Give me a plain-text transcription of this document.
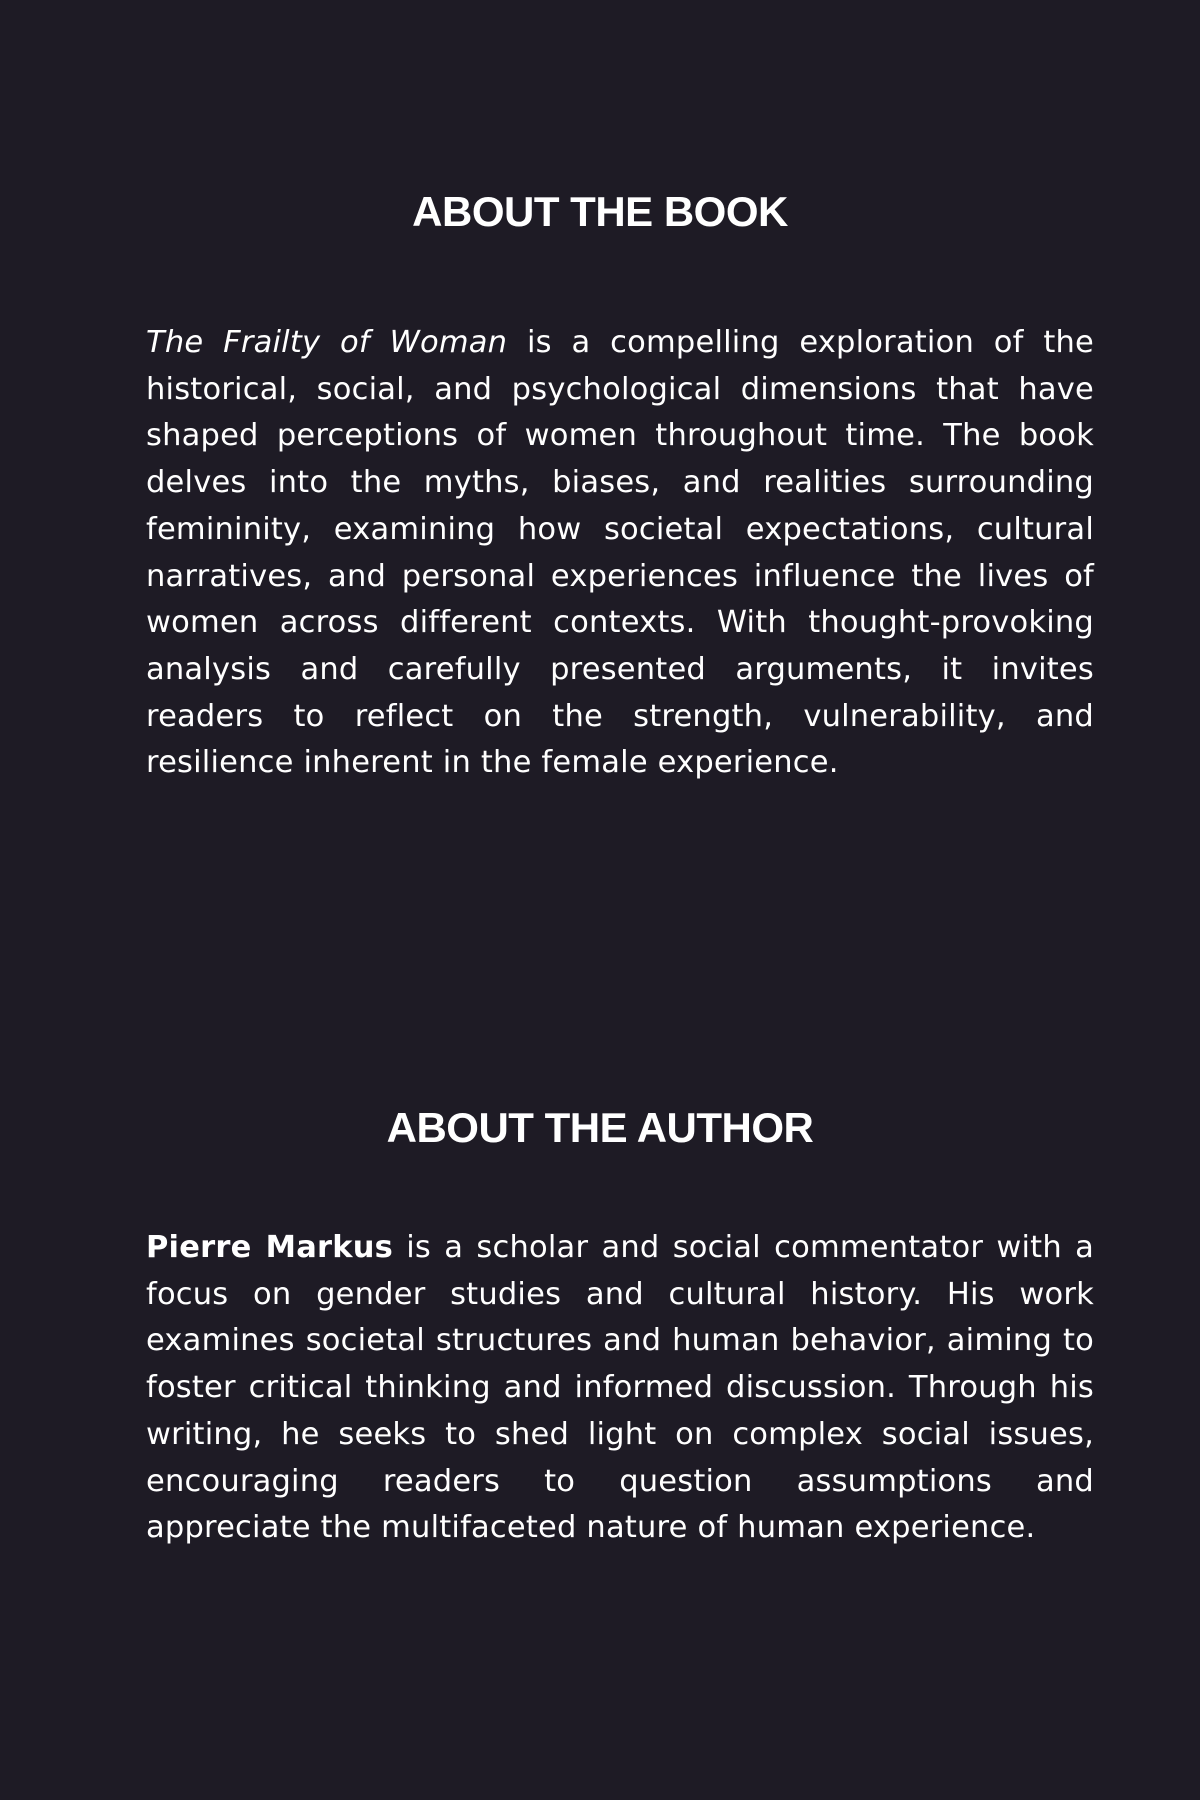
ABOUT THE BOOK

The Frailty of Woman is a compelling exploration of the historical, social, and psychological dimensions that have shaped perceptions of women throughout time. The book delves into the myths, biases, and realities surrounding femininity, examining how societal expectations, cultural narratives, and personal experiences influence the lives of women across different contexts. With thought-provoking analysis and carefully presented arguments, it invites readers to reflect on the strength, vulnerability, and resilience inherent in the female experience.

ABOUT THE AUTHOR

Pierre Markus is a scholar and social commentator with a focus on gender studies and cultural history. His work examines societal structures and human behavior, aiming to foster critical thinking and informed discussion. Through his writing, he seeks to shed light on complex social issues, encouraging readers to question assumptions and appreciate the multifaceted nature of human experience.
